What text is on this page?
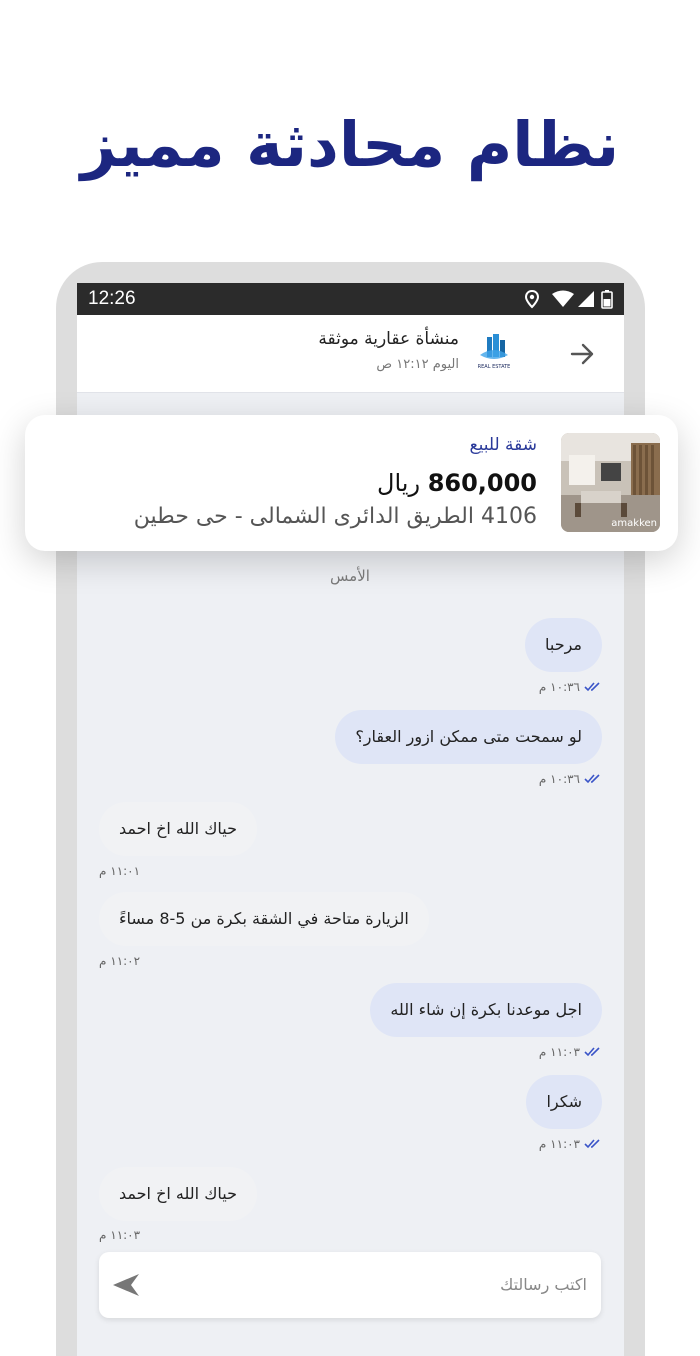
نظام محادثة مميز
12:26
REAL ESTATE
منشأة عقارية موثقة
اليوم ١٢:١٢ ص
amakken
شقة للبيع
860,000 ريال
4106 الطريق الدائرى الشمالى - حى حطين
الأمس
مرحبا
١٠:٣٦ م
لو سمحت متى ممكن ازور العقار؟
١٠:٣٦ م
حياك الله اخ احمد
١١:٠١ م
الزيارة متاحة في الشقة بكرة من 5-8 مساءً
١١:٠٢ م
اجل موعدنا بكرة إن شاء الله
١١:٠٣ م
شكرا
١١:٠٣ م
حياك الله اخ احمد
١١:٠٣ م
اكتب رسالتك
